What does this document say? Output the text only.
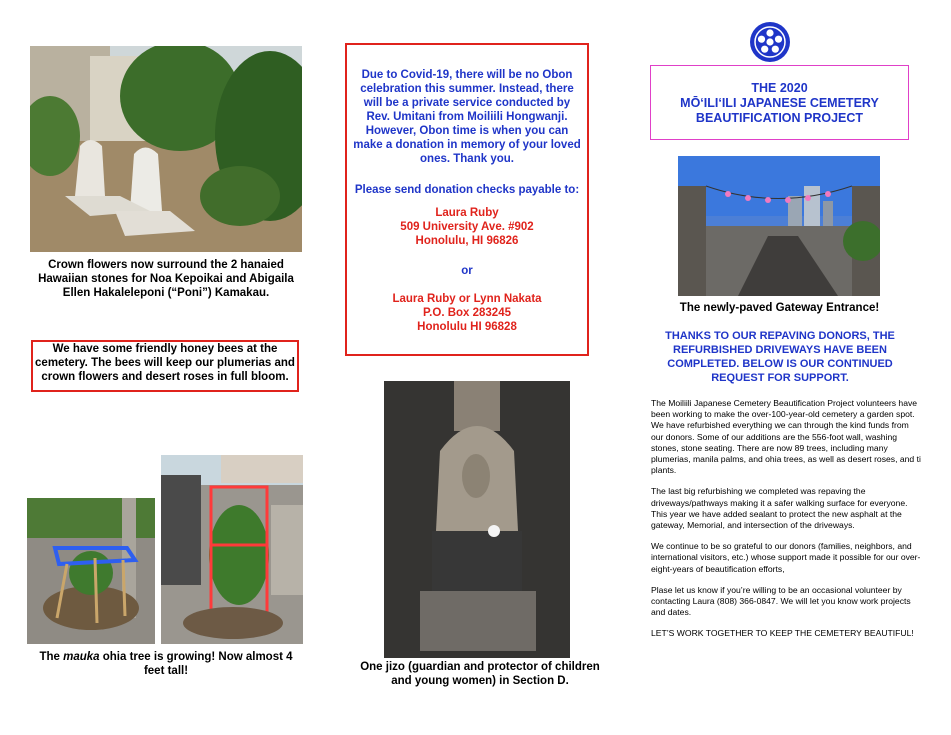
Crown flowers now surround the 2 hanaied Hawaiian stones for Noa Kepoikai and Abigaila Ellen Hakaleleponi (“Poni”) Kamakau.
We have some friendly honey bees at the cemetery. The bees will keep our plumerias and crown flowers and desert roses in full bloom.
The mauka ohia tree is growing! Now almost 4 feet tall!
Due to Covid-19, there will be no Obon celebration this summer. Instead, there will be a private service conducted by Rev. Umitani from Moiliili Hongwanji. However, Obon time is when you can make a donation in memory of your loved ones. Thank you.
Please send donation checks payable to:
Laura Ruby
509 University Ave. #902
Honolulu, HI 96826
or
Laura Ruby or Lynn Nakata
P.O. Box 283245
Honolulu HI 96828
One jizo (guardian and protector of children and young women) in Section D.
THE 2020
MŌ‘ILI‘ILI JAPANESE CEMETERY
BEAUTIFICATION PROJECT
The newly-paved Gateway Entrance!
THANKS TO OUR REPAVING DONORS, THE REFURBISHED DRIVEWAYS HAVE BEEN COMPLETED. BELOW IS OUR CONTINUED REQUEST FOR SUPPORT.

The Moiliili Japanese Cemetery Beautification Project volunteers have been working to make the over-100-year-old cemetery a garden spot. We have refurbished everything we can through the kind funds from our donors. Some of our additions are the 556-foot wall, washing stones, stone seating. There are now 89 trees, including many plumerias, manila palms, and ohia trees, as well as desert roses, and ti plants.

The last big refurbishing we completed was repaving the driveways/pathways making it a safer walking surface for everyone. This year we have added sealant to protect the new asphalt at the gateway, Memorial, and intersection of the driveways.

We continue to be so grateful to our donors (families, neighbors, and international visitors, etc.) whose support made it possible for our over-eight-years of beautification efforts,

Plase let us know if you’re willing to be an occasional volunteer by contacting Laura (808) 366-0847. We will let you know work projects and dates.

LET’S WORK TOGETHER TO KEEP THE CEMETERY BEAUTIFUL!
